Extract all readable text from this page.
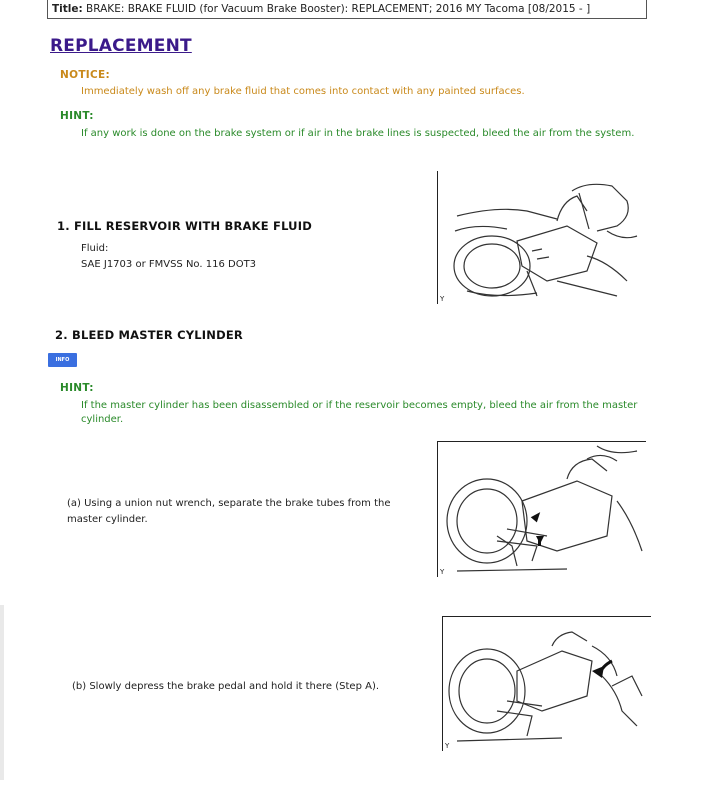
Title: BRAKE: BRAKE FLUID (for Vacuum Brake Booster): REPLACEMENT; 2016 MY Tacoma [08/2015 - ]
REPLACEMENT
NOTICE:
Immediately wash off any brake fluid that comes into contact with any painted surfaces.
HINT:
If any work is done on the brake system or if air in the brake lines is suspected, bleed the air from the system.
1. FILL RESERVOIR WITH BRAKE FLUID
Fluid:
SAE J1703 or FMVSS No. 116 DOT3
Y
2. BLEED MASTER CYLINDER
INFO
HINT:
If the master cylinder has been disassembled or if the reservoir becomes empty, bleed the air from the master cylinder.
(a) Using a union nut wrench, separate the brake tubes from the master cylinder.
Y
(b) Slowly depress the brake pedal and hold it there (Step A).
Y
